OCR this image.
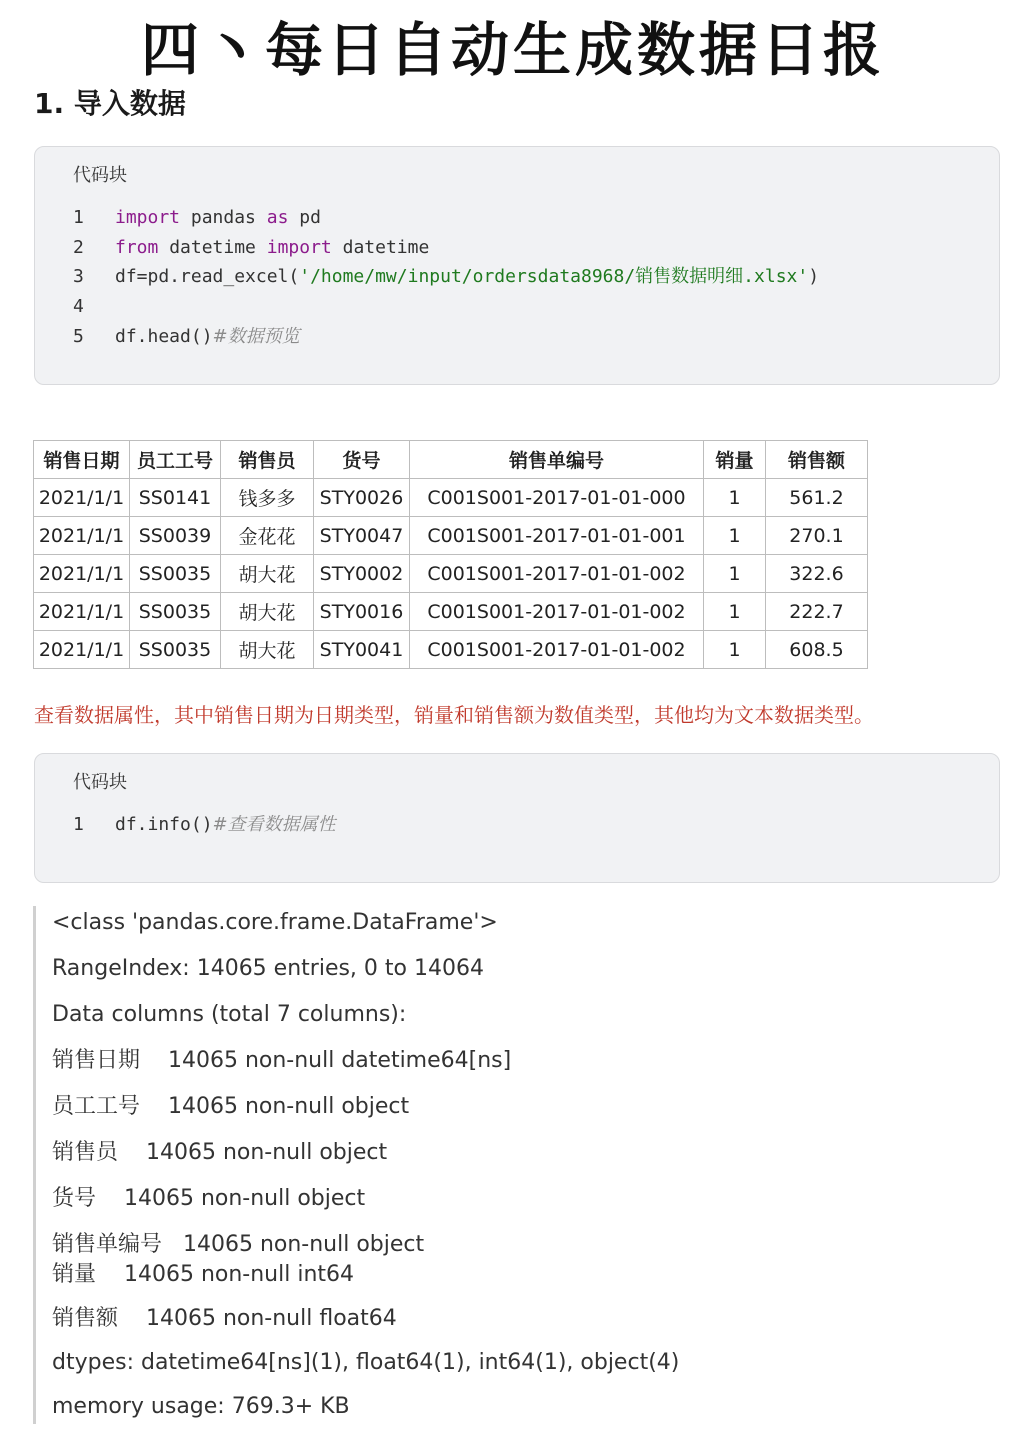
四丶每日自动生成数据日报
1. 导入数据
代码块
1 import pandas as pd
2 from datetime import datetime
3 df=pd.read_excel('/home/mw/input/ordersdata8968/销售数据明细.xlsx')
4
5 df.head()#数据预览
销售日期	员工工号	销售员	货号	销售单编号	销量	销售额
2021/1/1	SS0141	钱多多	STY0026	C001S001-2017-01-01-000	1	561.2
2021/1/1	SS0039	金花花	STY0047	C001S001-2017-01-01-001	1	270.1
2021/1/1	SS0035	胡大花	STY0002	C001S001-2017-01-01-002	1	322.6
2021/1/1	SS0035	胡大花	STY0016	C001S001-2017-01-01-002	1	222.7
2021/1/1	SS0035	胡大花	STY0041	C001S001-2017-01-01-002	1	608.5
查看数据属性，其中销售日期为日期类型，销量和销售额为数值类型，其他均为文本数据类型。
代码块
1 df.info()#查看数据属性
<class 'pandas.core.frame.DataFrame'>
RangeIndex: 14065 entries, 0 to 14064
Data columns (total 7 columns):
销售日期    14065 non-null datetime64[ns]
员工工号    14065 non-null object
销售员    14065 non-null object
货号    14065 non-null object
销售单编号   14065 non-null object
销量    14065 non-null int64
销售额    14065 non-null float64
dtypes: datetime64[ns](1), float64(1), int64(1), object(4)
memory usage: 769.3+ KB
